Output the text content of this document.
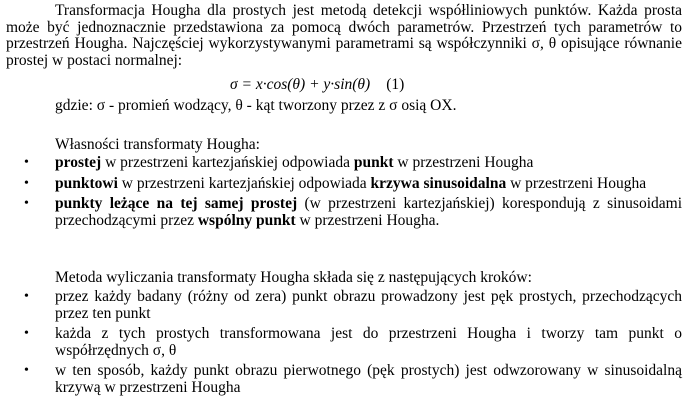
Transformacja Hougha dla prostych jest metodą detekcji współliniowych punktów. Każda prosta może być jednoznacznie przedstawiona za pomocą dwóch parametrów. Przestrzeń tych parametrów to przestrzeń Hougha. Najczęściej wykorzystywanymi parametrami są współczynniki σ, θ opisujące równanie prostej w postaci normalnej:
σ = x·cos(θ) + y·sin(θ) (1)
gdzie: σ - promień wodzący, θ - kąt tworzony przez z σ osią OX.
Własności transformaty Hougha:
• prostej w przestrzeni kartezjańskiej odpowiada punkt w przestrzeni Hougha
• punktowi w przestrzeni kartezjańskiej odpowiada krzywa sinusoidalna w przestrzeni Hougha
• punkty leżące na tej samej prostej (w przestrzeni kartezjańskiej) korespondują z sinusoidami przechodzącymi przez wspólny punkt w przestrzeni Hougha.
Metoda wyliczania transformaty Hougha składa się z następujących kroków:
• przez każdy badany (różny od zera) punkt obrazu prowadzony jest pęk prostych, przechodzących przez ten punkt
• każda z tych prostych transformowana jest do przestrzeni Hougha i tworzy tam punkt o współrzędnych σ, θ
• w ten sposób, każdy punkt obrazu pierwotnego (pęk prostych) jest odwzorowany w sinusoidalną krzywą w przestrzeni Hougha
